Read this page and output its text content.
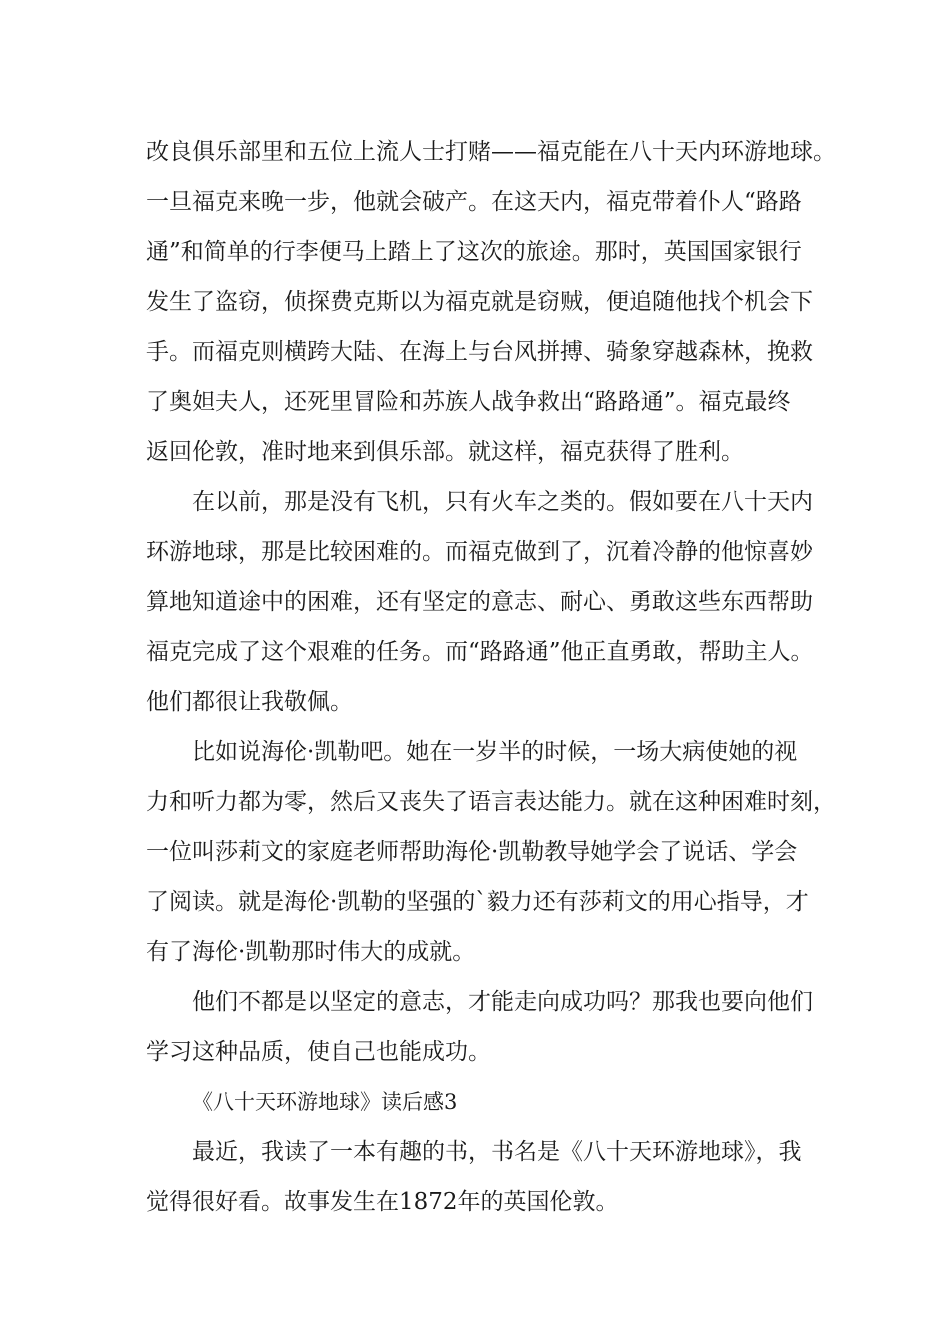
改良俱乐部里和五位上流人士打赌——福克能在八十天内环游地球。

一旦福克来晚一步，他就会破产。在这天内，福克带着仆人“路路

通”和简单的行李便马上踏上了这次的旅途。那时，英国国家银行

发生了盗窃，侦探费克斯以为福克就是窃贼，便追随他找个机会下

手。而福克则横跨大陆、在海上与台风拼搏、骑象穿越森林，挽救

了奥妲夫人，还死里冒险和苏族人战争救出“路路通”。福克最终

返回伦敦，准时地来到俱乐部。就这样，福克获得了胜利。

在以前，那是没有飞机，只有火车之类的。假如要在八十天内

环游地球，那是比较困难的。而福克做到了，沉着冷静的他惊喜妙

算地知道途中的困难，还有坚定的意志、耐心、勇敢这些东西帮助

福克完成了这个艰难的任务。而“路路通”他正直勇敢，帮助主人。

他们都很让我敬佩。

比如说海伦·凯勒吧。她在一岁半的时候，一场大病使她的视

力和听力都为零，然后又丧失了语言表达能力。就在这种困难时刻，

一位叫莎莉文的家庭老师帮助海伦·凯勒教导她学会了说话、学会

了阅读。就是海伦·凯勒的坚强的`毅力还有莎莉文的用心指导，才

有了海伦·凯勒那时伟大的成就。

他们不都是以坚定的意志，才能走向成功吗？那我也要向他们

学习这种品质，使自己也能成功。

《八十天环游地球》读后感3

最近，我读了一本有趣的书，书名是《八十天环游地球》，我

觉得很好看。故事发生在1872年的英国伦敦。
